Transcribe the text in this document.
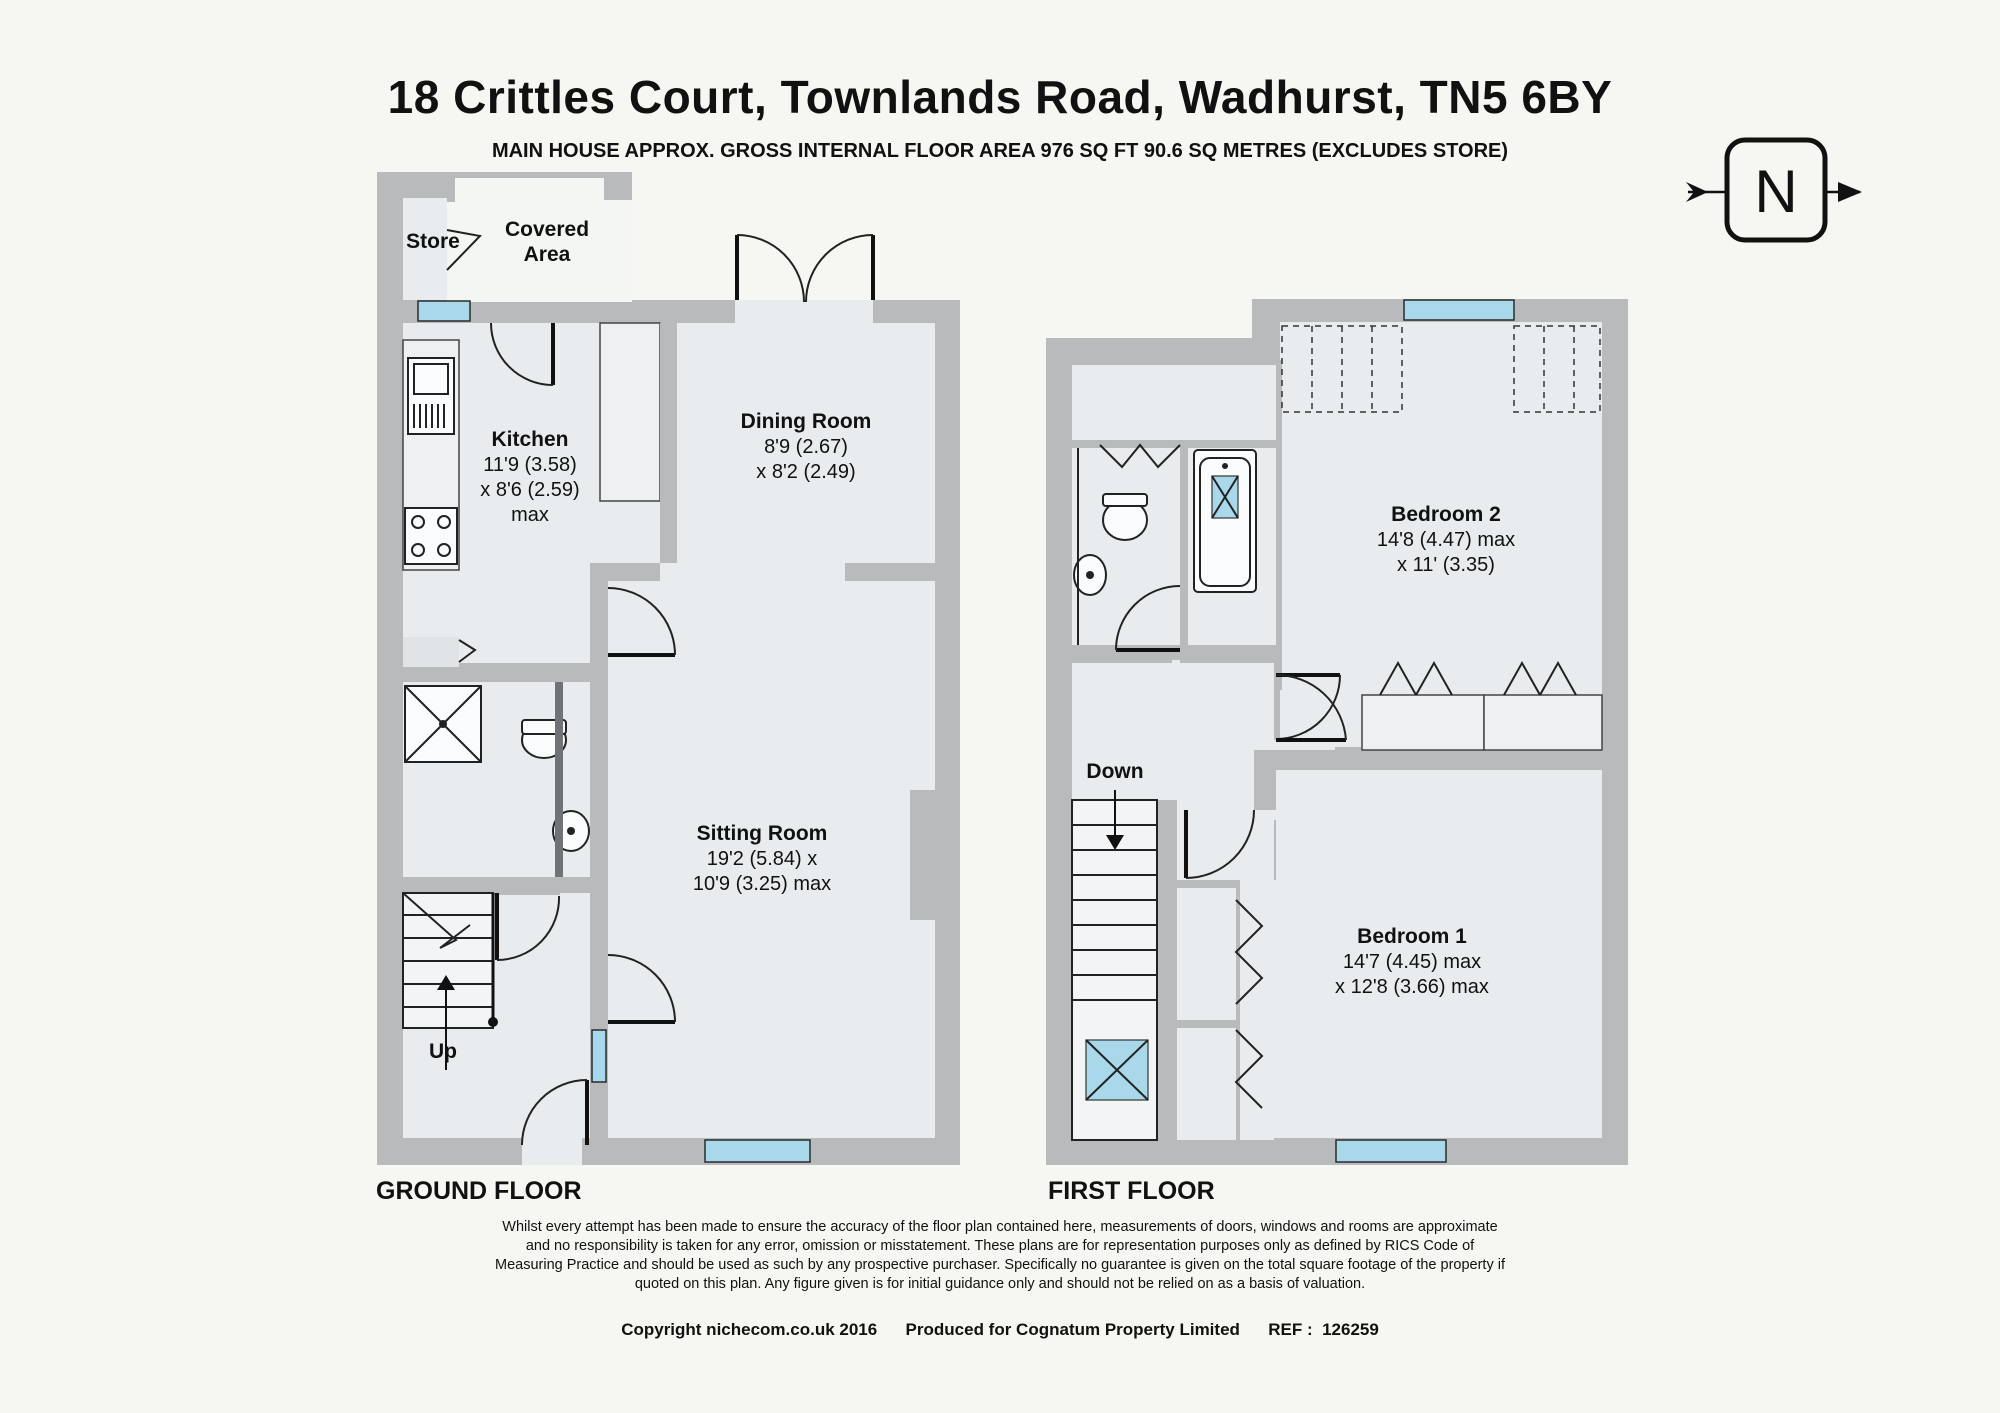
18 Crittles Court, Townlands Road, Wadhurst, TN5 6BY
MAIN HOUSE APPROX. GROSS INTERNAL FLOOR AREA 976 SQ FT 90.6 SQ METRES (EXCLUDES STORE)
N
Store
Covered
Area
Kitchen
11'9 (3.58)
x 8'6 (2.59)
max
Dining Room
8'9 (2.67)
x 8'2 (2.49)
Sitting Room
19'2 (5.84) x
10'9 (3.25) max
Up
Bedroom 2
14'8 (4.47) max
x 11' (3.35)
Bedroom 1
14'7 (4.45) max
x 12'8 (3.66) max
Down
GROUND FLOOR	FIRST FLOOR
Whilst every attempt has been made to ensure the accuracy of the floor plan contained here, measurements of doors, windows and rooms are approximate and no responsibility is taken for any error, omission or misstatement. These plans are for representation purposes only as defined by RICS Code of Measuring Practice and should be used as such by any prospective purchaser. Specifically no guarantee is given on the total square footage of the property if quoted on this plan. Any figure given is for initial guidance only and should not be relied on as a basis of valuation.
Copyright nichecom.co.uk 2016 Produced for Cognatum Property Limited REF :  126259
